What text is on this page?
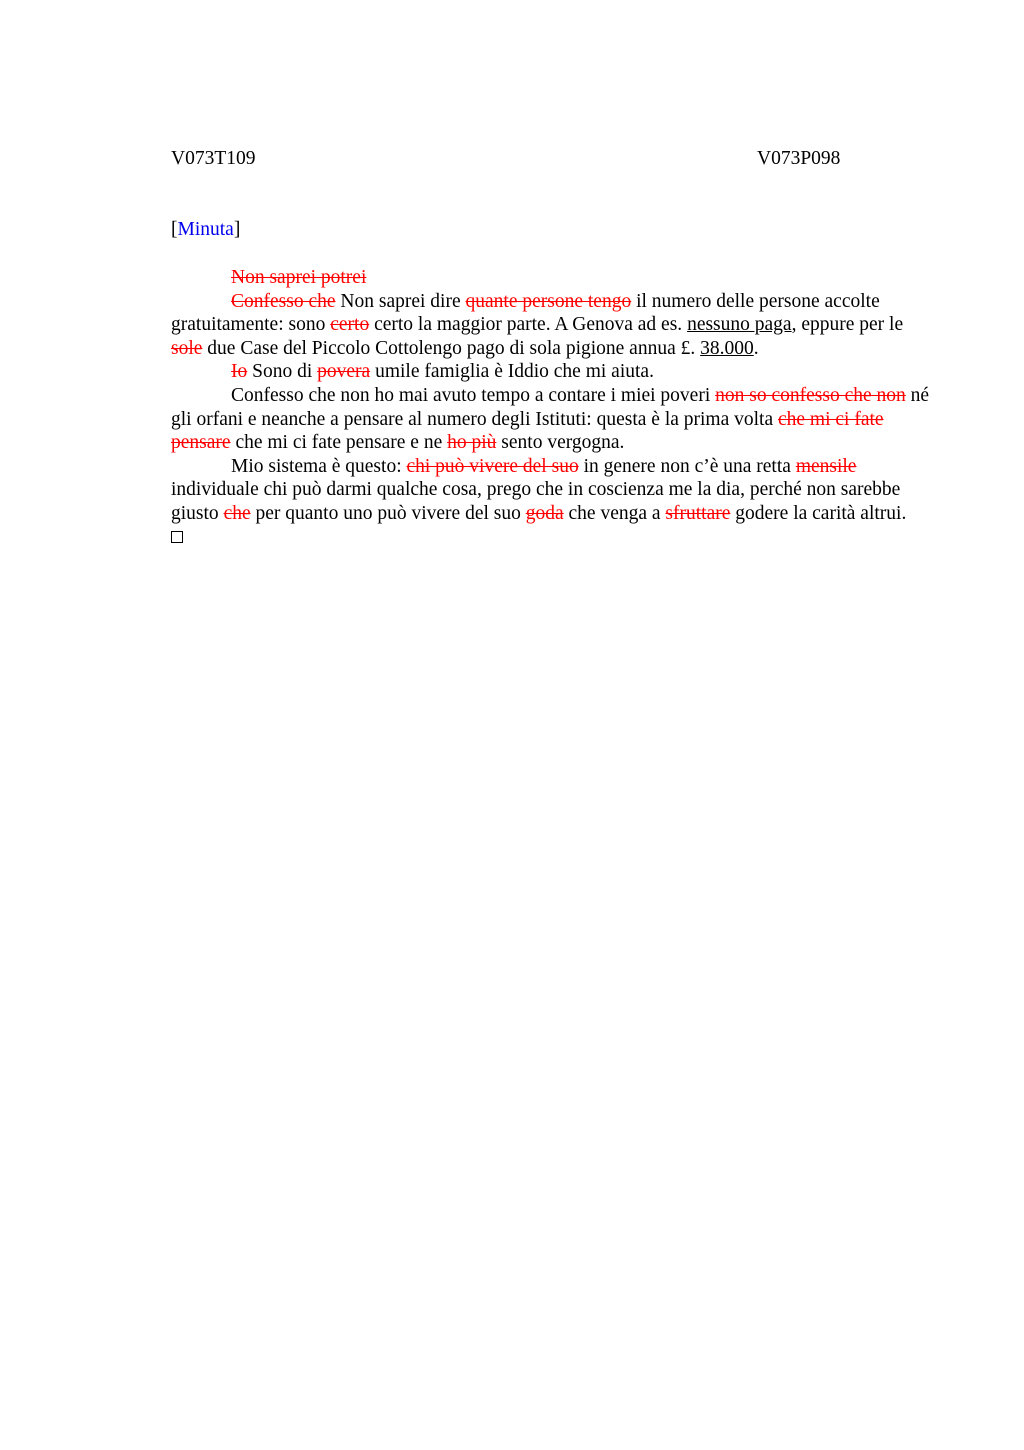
V073T109	V073P098
[Minuta]

Non saprei potrei

Confesso che Non saprei dire quante persone tengo il numero delle persone accolte gratuitamente: sono certo certo la maggior parte. A Genova ad es. nessuno paga, eppure per le sole due Case del Piccolo Cottolengo pago di sola pigione annua £. 38.000.

Io Sono di povera umile famiglia è Iddio che mi aiuta.

Confesso che non ho mai avuto tempo a contare i miei poveri non so confesso che non né gli orfani e neanche a pensare al numero degli Istituti: questa è la prima volta che mi ci fate pensare che mi ci fate pensare e ne ho più sento vergogna.

Mio sistema è questo: chi può vivere del suo in genere non c’è una retta mensile individuale chi può darmi qualche cosa, prego che in coscienza me la dia, perché non sarebbe giusto che per quanto uno può vivere del suo goda che venga a sfruttare godere la carità altrui.
